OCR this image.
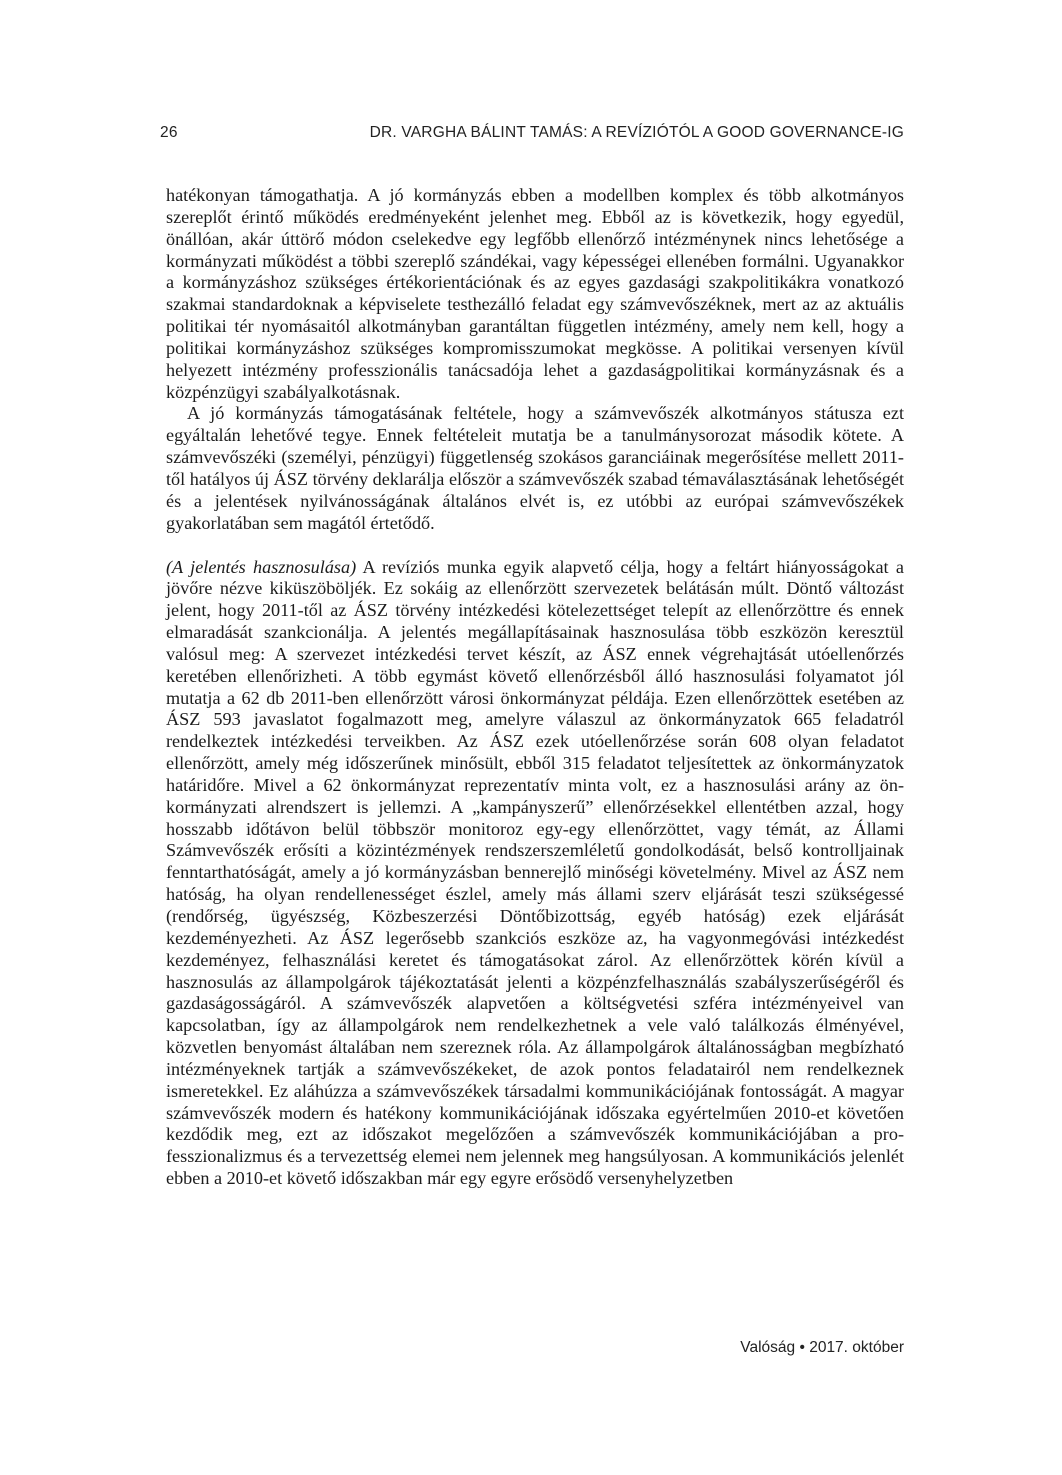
26	DR. VARGHA BÁLINT TAMÁS: A REVÍZIÓTÓL A GOOD GOVERNANCE-IG

hatékonyan támogathatja. A jó kormányzás ebben a modellben komplex és több alkotmányos szereplőt érintő működés eredményeként jelenhet meg. Ebből az is következik, hogy egyedül, önállóan, akár úttörő módon cselekedve egy legfőbb ellenőrző intézménynek nincs lehetősége a kormányzati működést a többi szereplő szándékai, vagy képességei ellenében formálni. Ugyanakkor a kormányzáshoz szükséges értékorientációnak és az egyes gazdasági szakpolitikákra vonatkozó szakmai standardoknak a képviselete testhezálló feladat egy számvevőszéknek, mert az az aktuális politikai tér nyomásaitól alkotmányban garantáltan független intézmény, amely nem kell, hogy a politikai kormányzáshoz szükséges kompromisszumokat megkösse. A politikai versenyen kívül helyezett intézmény professzionális tanácsadója lehet a gazdaságpolitikai kormányzásnak és a közpénzügyi szabályalkotásnak.

A jó kormányzás támogatásának feltétele, hogy a számvevőszék alkotmányos státusza ezt egyáltalán lehetővé tegye. Ennek feltételeit mutatja be a tanulmánysorozat második kötete. A számvevőszéki (személyi, pénzügyi) függetlenség szokásos garanciáinak megerősítése mellett 2011-től hatályos új ÁSZ törvény deklarálja először a számvevőszék szabad témaválasztásának lehetőségét és a jelentések nyilvánosságának általános elvét is, ez utóbbi az európai számvevőszékek gyakorlatában sem magától értetődő.

(A jelentés hasznosulása) A revíziós munka egyik alapvető célja, hogy a feltárt hiányosságokat a jövőre nézve kiküszöböljék. Ez sokáig az ellenőrzött szervezetek belátásán múlt. Döntő változást jelent, hogy 2011-től az ÁSZ törvény intézkedési kötelezettséget telepít az ellenőrzöttre és ennek elmaradását szankcionálja. A jelentés megállapításainak hasznosulása több eszközön keresztül valósul meg: A szervezet intézkedési tervet készít, az ÁSZ ennek végrehajtását utóellenőrzés keretében ellenőrizheti. A több egymást követő ellenőrzésből álló hasznosulási folyamatot jól mutatja a 62 db 2011-ben ellenőrzött városi önkormányzat példája. Ezen ellenőrzöttek esetében az ÁSZ 593 javaslatot fogalmazott meg, amelyre válaszul az önkormányzatok 665 feladatról rendelkeztek intézkedési terveikben. Az ÁSZ ezek utóellenőrzése során 608 olyan feladatot ellenőrzött, amely még időszerűnek minősült, ebből 315 feladatot teljesítettek az önkormányzatok határidőre. Mivel a 62 önkormányzat reprezentatív minta volt, ez a hasznosulási arány az önkormányzati alrendszert is jellemzi. A „kampányszerű” ellenőrzésekkel ellentétben azzal, hogy hosszabb időtávon belül többször monitoroz egy-egy ellenőrzöttet, vagy témát, az Állami Számvevőszék erősíti a közintézmények rendszerszemléletű gondolkodását, belső kontrolljainak fenntarthatóságát, amely a jó kormányzásban bennerejlő minőségi követelmény. Mivel az ÁSZ nem hatóság, ha olyan rendellenességet észlel, amely más állami szerv eljárását teszi szükségessé (rendőrség, ügyészség, Közbeszerzési Döntőbizottság, egyéb hatóság) ezek eljárását kezdeményezheti. Az ÁSZ legerősebb szankciós eszköze az, ha vagyonmegóvási intézkedést kezdeményez, felhasználási keretet és támogatásokat zárol. Az ellenőrzöttek körén kívül a hasznosulás az állampolgárok tájékoztatását jelenti a közpénzfelhasználás szabályszerűségéről és gazdaságosságáról. A számvevőszék alapvetően a költségvetési szféra intézményeivel van kapcsolatban, így az állampolgárok nem rendelkezhetnek a vele való találkozás élményével, közvetlen benyomást általában nem szereznek róla. Az állampolgárok általánosságban megbízható intézményeknek tartják a számvevőszékeket, de azok pontos feladatairól nem rendelkeznek ismeretekkel. Ez aláhúzza a számvevőszékek társadalmi kommunikációjának fontosságát. A magyar számvevőszék modern és hatékony kommunikációjának időszaka egyértelműen 2010-et követően kezdődik meg, ezt az időszakot megelőzően a számvevőszék kommunikációjában a professzionalizmus és a tervezettség elemei nem jelennek meg hangsúlyosan. A kommunikációs jelenlét ebben a 2010-et követő időszakban már egy egyre erősödő versenyhelyzetben

Valóság • 2017. október
